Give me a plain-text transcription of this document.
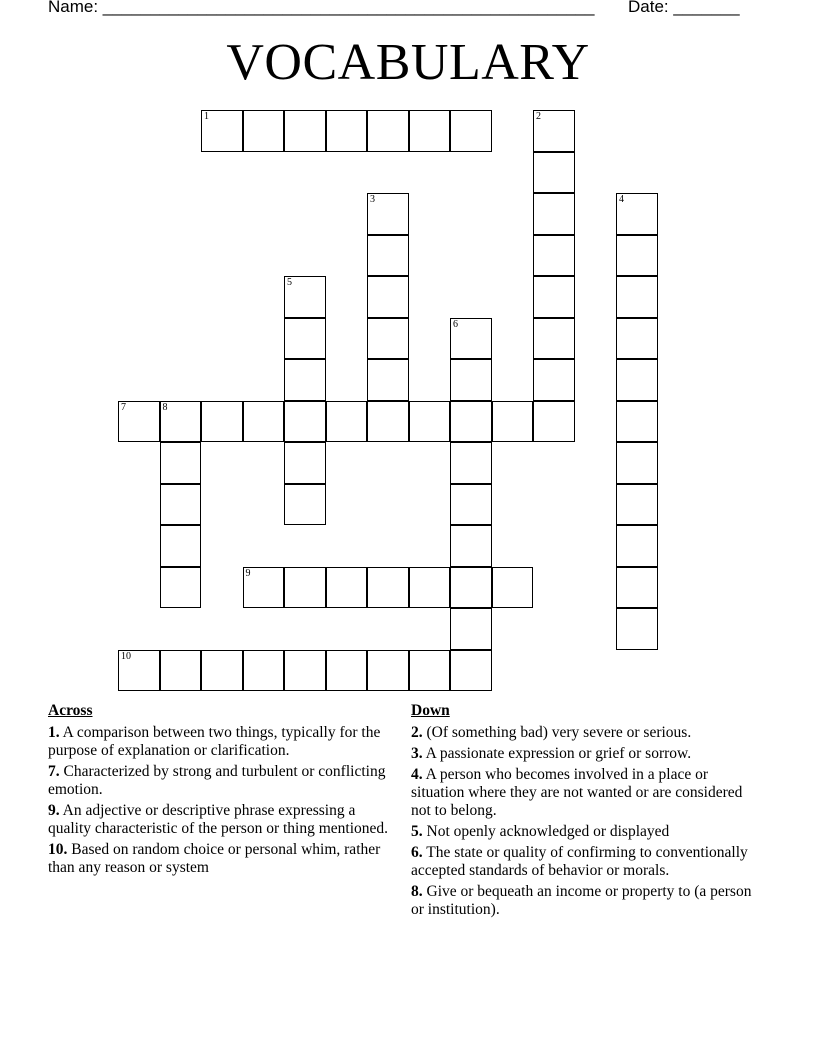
Name: ____________________________________________________ Date: _______
VOCABULARY
1	2
3	4
5
6
7	8
9
10
Across
1. A comparison between two things, typically for the purpose of explanation or clarification.
7. Characterized by strong and turbulent or conflicting emotion.
9. An adjective or descriptive phrase expressing a quality characteristic of the person or thing mentioned.
10. Based on random choice or personal whim, rather than any reason or system
Down
2. (Of something bad) very severe or serious.
3. A passionate expression or grief or sorrow.
4. A person who becomes involved in a place or situation where they are not wanted or are considered not to belong.
5. Not openly acknowledged or displayed
6. The state or quality of confirming to conventionally accepted standards of behavior or morals.
8. Give or bequeath an income or property to (a person or institution).
